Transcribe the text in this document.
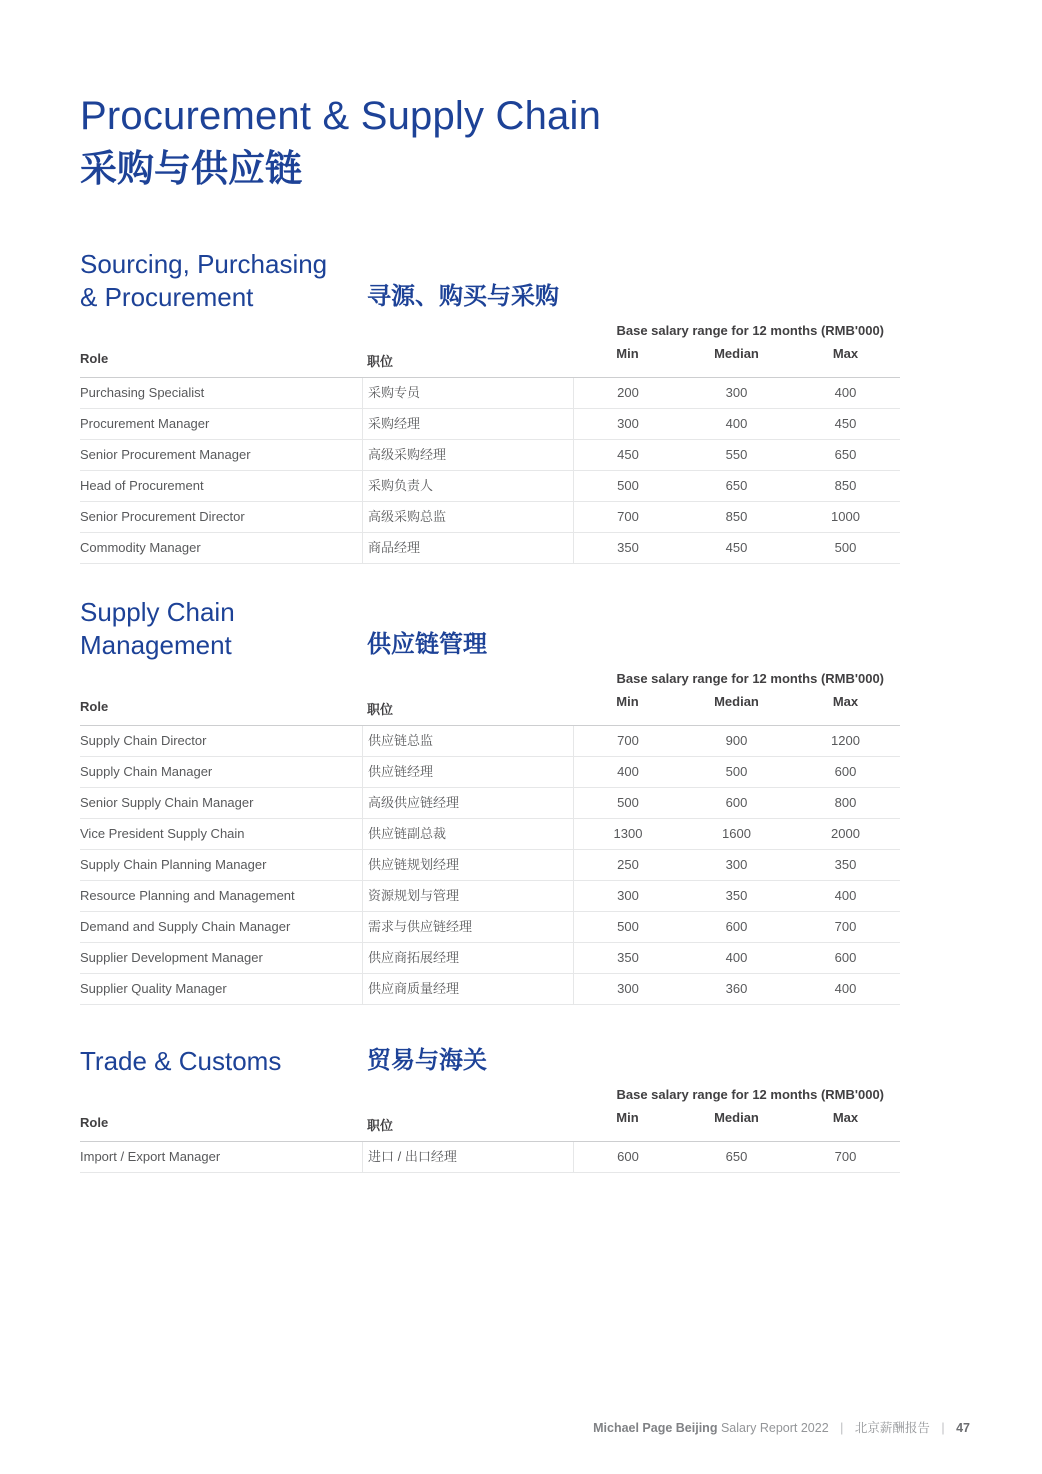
Procurement & Supply Chain
采购与供应链
Sourcing, Purchasing
& Procurement	寻源、购买与采购
Base salary range for 12 months (RMB'000)
Role	职位
Min	Median	Max
Purchasing Specialist	采购专员	200	300	400
Procurement Manager	采购经理	300	400	450
Senior Procurement Manager	高级采购经理	450	550	650
Head of Procurement	采购负责人	500	650	850
Senior Procurement Director	高级采购总监	700	850	1000
Commodity Manager	商品经理	350	450	500
Supply Chain
Management	供应链管理
Base salary range for 12 months (RMB'000)
Role	职位
Min	Median	Max
Supply Chain Director	供应链总监	700	900	1200
Supply Chain Manager	供应链经理	400	500	600
Senior Supply Chain Manager	高级供应链经理	500	600	800
Vice President Supply Chain	供应链副总裁	1300	1600	2000
Supply Chain Planning Manager	供应链规划经理	250	300	350
Resource Planning and Management	资源规划与管理	300	350	400
Demand and Supply Chain Manager	需求与供应链经理	500	600	700
Supplier Development Manager	供应商拓展经理	350	400	600
Supplier Quality Manager	供应商质量经理	300	360	400
Trade & Customs	贸易与海关
Base salary range for 12 months (RMB'000)
Role	职位
Min	Median	Max
Import / Export Manager	进口 / 出口经理	600	650	700
Michael Page Beijing Salary Report 2022 | 北京薪酬报告 | 47
